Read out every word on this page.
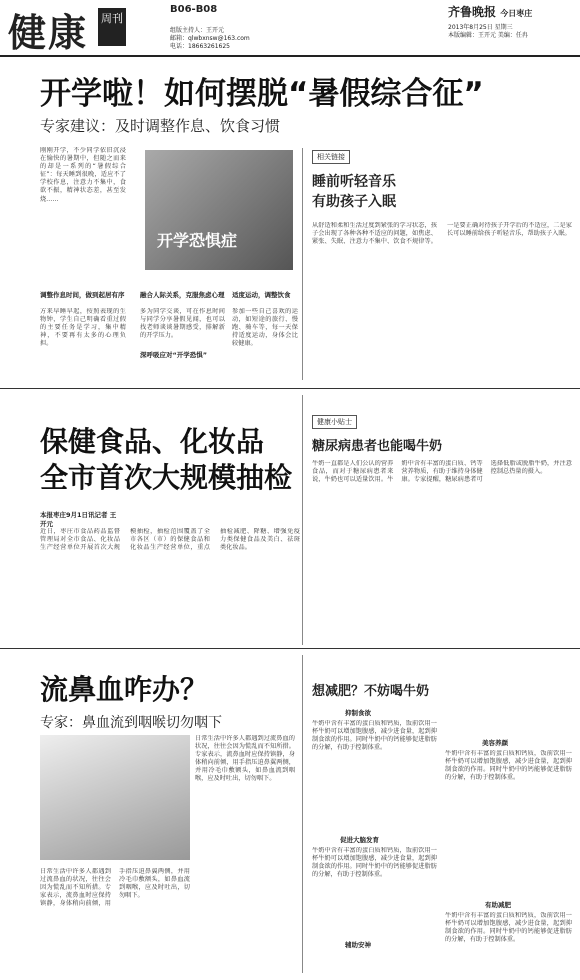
健康 周刊
B06-B08
组版主持人：王开元
邮箱：qlwbxnsw@163.com
电话：18663261625
齐鲁晚报 今日枣庄
2013年8月25日 星期三
本版编辑：王开元 美编：任冉
开学啦！如何摆脱“暑假综合征”
专家建议：及时调整作息、饮食习惯
刚刚开学，不少同学依旧沉浸在愉快的暑期中，但随之而来的却是一系列的“暑假综合征”：每天睡到很晚，适应不了学校作息，注意力不集中，食欲不振，精神状态差，甚至发烧……
开学恐惧症
调整作息时间，做到起居有序
方来早睡早起，按照表现的生物钟，学生自己明确看重过假的主要任务是学习，集中精神，不要再有太多的心理负担。
融合人际关系，克服焦虑心理
多为同学交谈，可在作息时间与同学分享暑假见闻，也可以找老师谈谈暑期感受，排解新的开学压力。
深呼吸应对“开学恐惧”
适度运动，调整饮食
参加一些自己喜欢的运动，如短途的旅行、慢跑、骑车等，每一天保持适度运动，身体会比较健康。
相关链接
睡前听轻音乐
有助孩子入眠
从舒适和柔和生活过度到紧张的学习状态，孩子会出现了各种各种不适应的问题，如焦虑、紧张、失眠、注意力不集中、饮食不规律等。一是要正确对待孩子开学后的不适应，二是家长可以睡前给孩子听轻音乐，帮助孩子入眠。
保健食品、化妆品
全市首次大规模抽检
本报枣庄9月1日讯记者 王开元
近日，枣庄市食品药品监督管理局对全市食品、化妆品生产经营单位开展首次大规模抽检，抽检范围覆盖了全市各区（市）的保健食品和化妆品生产经营单位，重点抽检减肥、降糖、增强免疫力类保健食品及美白、祛斑类化妆品。
健康小贴士
糖尿病患者也能喝牛奶
牛奶一直都是人们公认的营养食品，而对于糖尿病患者来说，牛奶也可以适量饮用。牛奶中含有丰富的蛋白质、钙等营养物质，有助于维持身体健康。专家提醒，糖尿病患者可选择低脂或脱脂牛奶，并注意控制总热量的摄入。
流鼻血咋办？
专家：鼻血流到咽喉切勿咽下
日常生活中许多人都遇到过流鼻血的状况，往往会因为慌乱而不知所措。专家表示，流鼻血时应保持镇静，身体稍向前倾，用手指压迫鼻翼两侧，并用冷毛巾敷额头，如鼻血流到咽喉，应及时吐出，切勿咽下。
日常生活中许多人都遇到过流鼻血的状况，往往会因为慌乱而不知所措。专家表示，流鼻血时应保持镇静，身体稍向前倾，用手指压迫鼻翼两侧，并用冷毛巾敷额头，如鼻血流到咽喉，应及时吐出，切勿咽下。
想减肥？不妨喝牛奶
抑制食欲
牛奶中含有丰富的蛋白质和钙质，饭前饮用一杯牛奶可以增加饱腹感，减少进食量，起到抑制食欲的作用。同时牛奶中的钙能够促进脂肪的分解，有助于控制体重。
促进大脑发育
牛奶中含有丰富的蛋白质和钙质，饭前饮用一杯牛奶可以增加饱腹感，减少进食量，起到抑制食欲的作用。同时牛奶中的钙能够促进脂肪的分解，有助于控制体重。
辅助安神
美容养颜
牛奶中含有丰富的蛋白质和钙质，饭前饮用一杯牛奶可以增加饱腹感，减少进食量，起到抑制食欲的作用。同时牛奶中的钙能够促进脂肪的分解，有助于控制体重。
有助减肥
牛奶中含有丰富的蛋白质和钙质，饭前饮用一杯牛奶可以增加饱腹感，减少进食量，起到抑制食欲的作用。同时牛奶中的钙能够促进脂肪的分解，有助于控制体重。
